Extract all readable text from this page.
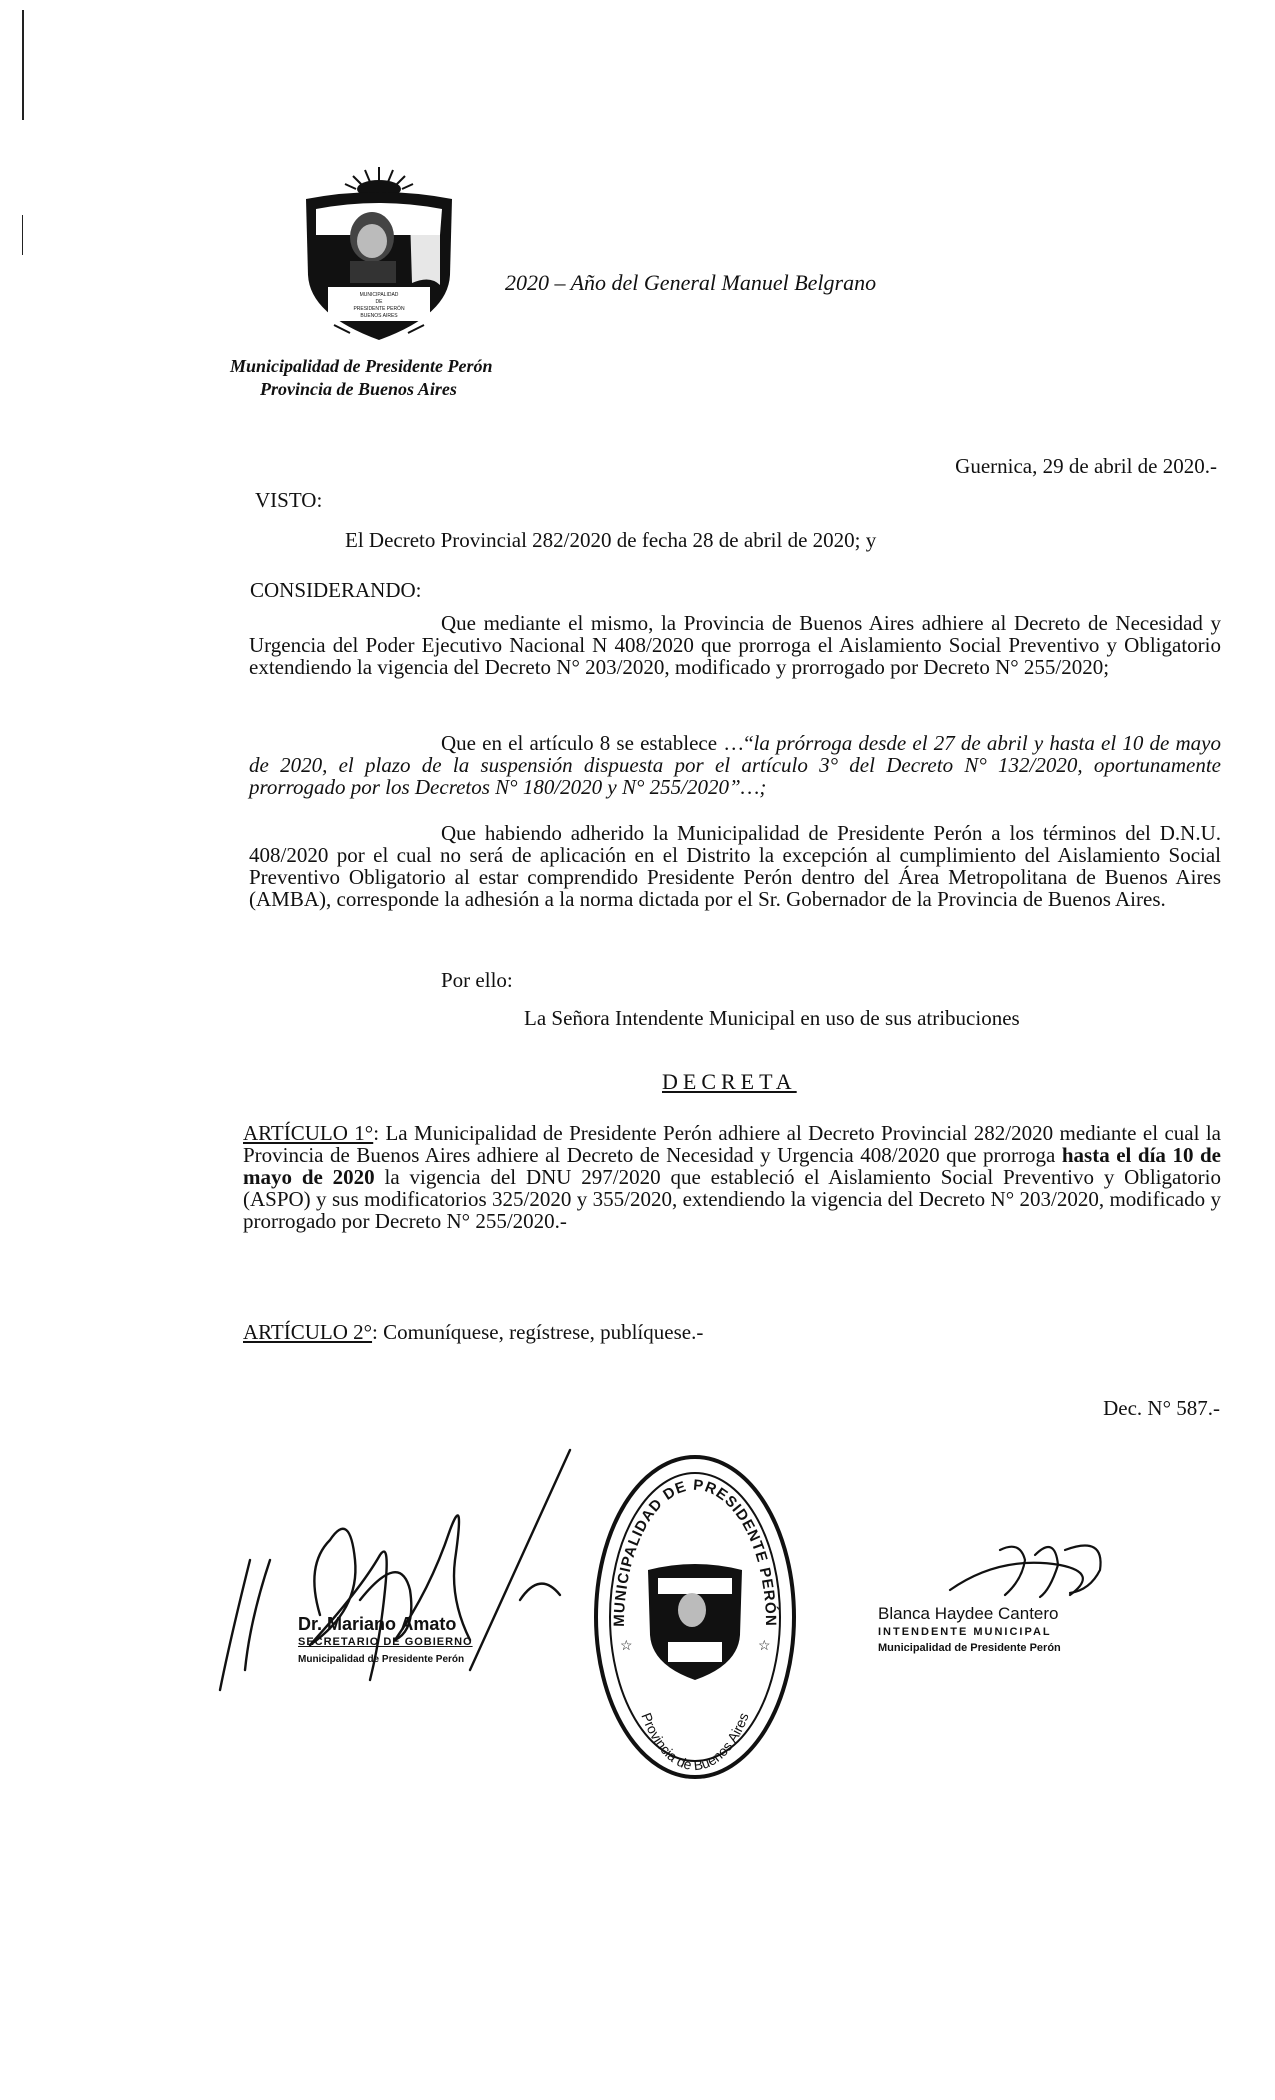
MUNICIPALIDAD
DE
PRESIDENTE PERÓN
BUENOS AIRES
2020 – Año del General Manuel Belgrano
Municipalidad de Presidente Perón
Provincia de Buenos Aires
Guernica, 29 de abril de 2020.-
VISTO:
El Decreto Provincial 282/2020 de fecha 28 de abril de 2020; y
CONSIDERANDO:
Que mediante el mismo, la Provincia de Buenos Aires adhiere al Decreto de Necesidad y Urgencia del Poder Ejecutivo Nacional N 408/2020 que prorroga el Aislamiento Social Preventivo y Obligatorio extendiendo la vigencia del Decreto N° 203/2020, modificado y prorrogado por Decreto N° 255/2020;
Que en el artículo 8 se establece …“la prórroga desde el 27 de abril y hasta el 10 de mayo de 2020, el plazo de la suspensión dispuesta por el artículo 3° del Decreto N° 132/2020, oportunamente prorrogado por los Decretos N° 180/2020 y N° 255/2020”…;
Que habiendo adherido la Municipalidad de Presidente Perón a los términos del D.N.U. 408/2020 por el cual no será de aplicación en el Distrito la excepción al cumplimiento del Aislamiento Social Preventivo Obligatorio al estar comprendido Presidente Perón dentro del Área Metropolitana de Buenos Aires (AMBA), corresponde la adhesión a la norma dictada por el Sr. Gobernador de la Provincia de Buenos Aires.
Por ello:
La Señora Intendente Municipal en uso de sus atribuciones
DECRETA
ARTÍCULO 1°: La Municipalidad de Presidente Perón adhiere al Decreto Provincial 282/2020 mediante el cual la Provincia de Buenos Aires adhiere al Decreto de Necesidad y Urgencia 408/2020 que prorroga hasta el día 10 de mayo de 2020 la vigencia del DNU 297/2020 que estableció el Aislamiento Social Preventivo y Obligatorio (ASPO) y sus modificatorios 325/2020 y 355/2020, extendiendo la vigencia del Decreto N° 203/2020, modificado y prorrogado por Decreto N° 255/2020.-
ARTÍCULO 2°: Comuníquese, regístrese, publíquese.-
Dec. N° 587.-
Dr. Mariano Amato
SECRETARIO DE GOBIERNO
Municipalidad de Presidente Perón
MUNICIPALIDAD DE PRESIDENTE PERÓN
Provincia de Buenos Aires
☆	☆
Blanca Haydee Cantero
INTENDENTE MUNICIPAL
Municipalidad de Presidente Perón
